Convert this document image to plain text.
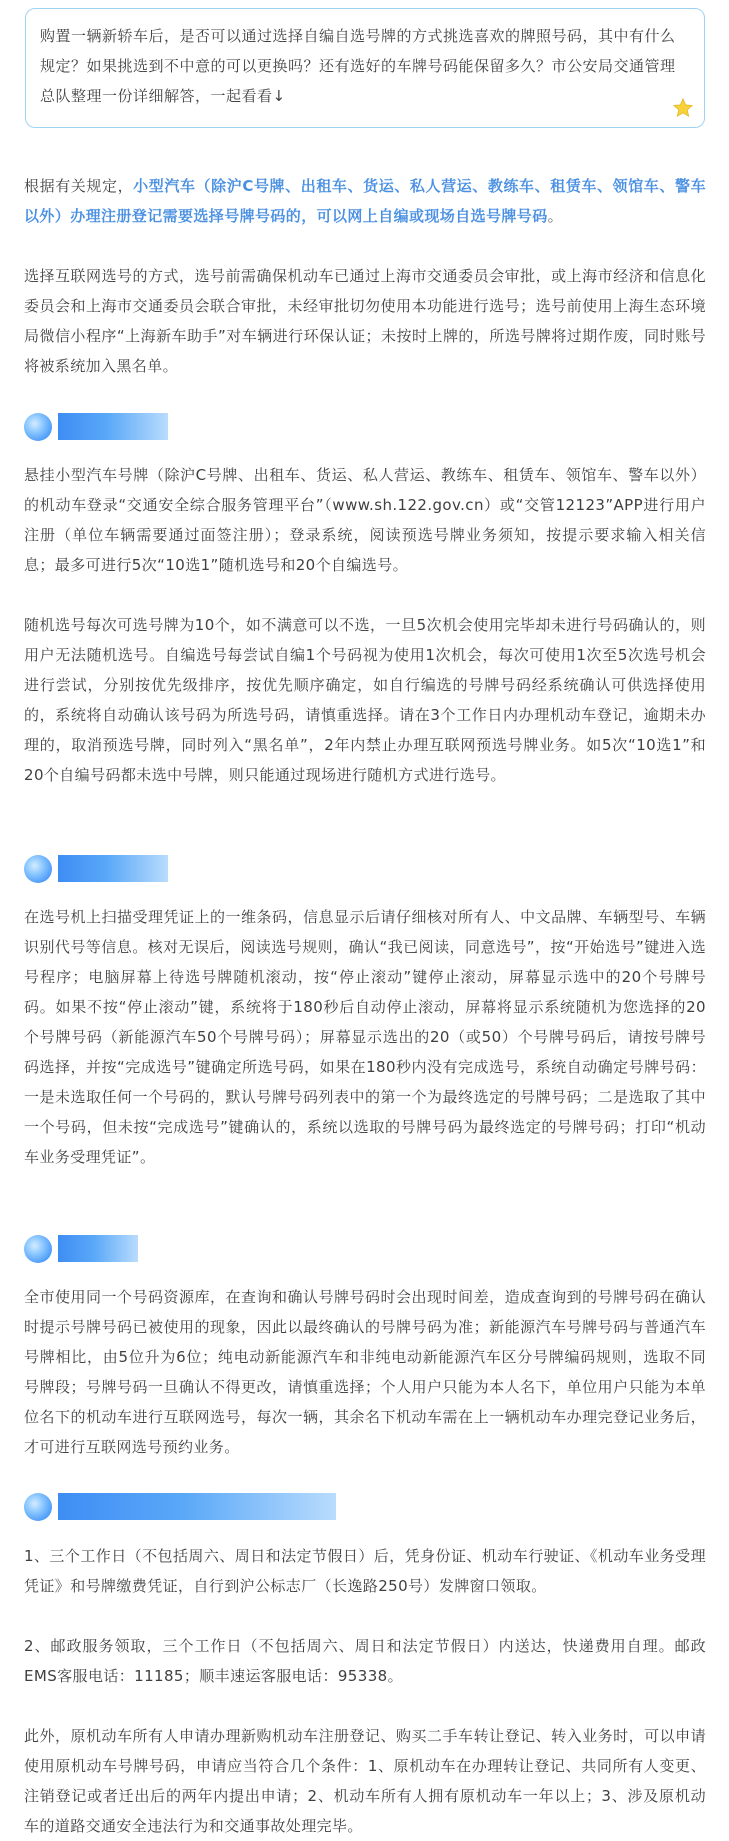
购置一辆新轿车后，是否可以通过选择自编自选号牌的方式挑选喜欢的牌照号码，其中有什么规定？如果挑选到不中意的可以更换吗？还有选好的车牌号码能保留多久？市公安局交通管理总队整理一份详细解答，一起看看↓

根据有关规定，小型汽车（除沪C号牌、出租车、货运、私人营运、教练车、租赁车、领馆车、警车以外）办理注册登记需要选择号牌号码的，可以网上自编或现场自选号牌号码。

选择互联网选号的方式，选号前需确保机动车已通过上海市交通委员会审批，或上海市经济和信息化委员会和上海市交通委员会联合审批，未经审批切勿使用本功能进行选号；选号前使用上海生态环境局微信小程序“上海新车助手”对车辆进行环保认证；未按时上牌的，所选号牌将过期作废，同时账号将被系统加入黑名单。

悬挂小型汽车号牌（除沪C号牌、出租车、货运、私人营运、教练车、租赁车、领馆车、警车以外）的机动车登录“交通安全综合服务管理平台”（www.sh.122.gov.cn）或“交管12123”APP进行用户注册（单位车辆需要通过面签注册）；登录系统，阅读预选号牌业务须知，按提示要求输入相关信息；最多可进行5次“10选1”随机选号和20个自编选号。

随机选号每次可选号牌为10个，如不满意可以不选，一旦5次机会使用完毕却未进行号码确认的，则用户无法随机选号。自编选号每尝试自编1个号码视为使用1次机会，每次可使用1次至5次选号机会进行尝试，分别按优先级排序，按优先顺序确定，如自行编选的号牌号码经系统确认可供选择使用的，系统将自动确认该号码为所选号码，请慎重选择。请在3个工作日内办理机动车登记，逾期未办理的，取消预选号牌，同时列入“黑名单”，2年内禁止办理互联网预选号牌业务。如5次“10选1”和20个自编号码都未选中号牌，则只能通过现场进行随机方式进行选号。

在选号机上扫描受理凭证上的一维条码，信息显示后请仔细核对所有人、中文品牌、车辆型号、车辆识别代号等信息。核对无误后，阅读选号规则，确认“我已阅读，同意选号”，按“开始选号”键进入选号程序；电脑屏幕上待选号牌随机滚动，按“停止滚动”键停止滚动，屏幕显示选中的20个号牌号码。如果不按“停止滚动”键，系统将于180秒后自动停止滚动，屏幕将显示系统随机为您选择的20个号牌号码（新能源汽车50个号牌号码）；屏幕显示选出的20（或50）个号牌号码后，请按号牌号码选择，并按“完成选号”键确定所选号码，如果在180秒内没有完成选号，系统自动确定号牌号码：一是未选取任何一个号码的，默认号牌号码列表中的第一个为最终选定的号牌号码；二是选取了其中一个号码，但未按“完成选号”键确认的，系统以选取的号牌号码为最终选定的号牌号码；打印“机动车业务受理凭证”。

全市使用同一个号码资源库，在查询和确认号牌号码时会出现时间差，造成查询到的号牌号码在确认时提示号牌号码已被使用的现象，因此以最终确认的号牌号码为准；新能源汽车号牌号码与普通汽车号牌相比，由5位升为6位；纯电动新能源汽车和非纯电动新能源汽车区分号牌编码规则，选取不同号牌段；号牌号码一旦确认不得更改，请慎重选择；个人用户只能为本人名下，单位用户只能为本单位名下的机动车进行互联网选号，每次一辆，其余名下机动车需在上一辆机动车办理完登记业务后，才可进行互联网选号预约业务。

1、三个工作日（不包括周六、周日和法定节假日）后，凭身份证、机动车行驶证、《机动车业务受理凭证》和号牌缴费凭证，自行到沪公标志厂（长逸路250号）发牌窗口领取。

2、邮政服务领取，三个工作日（不包括周六、周日和法定节假日）内送达，快递费用自理。邮政EMS客服电话：11185；顺丰速运客服电话：95338。

此外，原机动车所有人申请办理新购机动车注册登记、购买二手车转让登记、转入业务时，可以申请使用原机动车号牌号码，申请应当符合几个条件：1、原机动车在办理转让登记、共同所有人变更、注销登记或者迁出后的两年内提出申请；2、机动车所有人拥有原机动车一年以上；3、涉及原机动车的道路交通安全违法行为和交通事故处理完毕。
